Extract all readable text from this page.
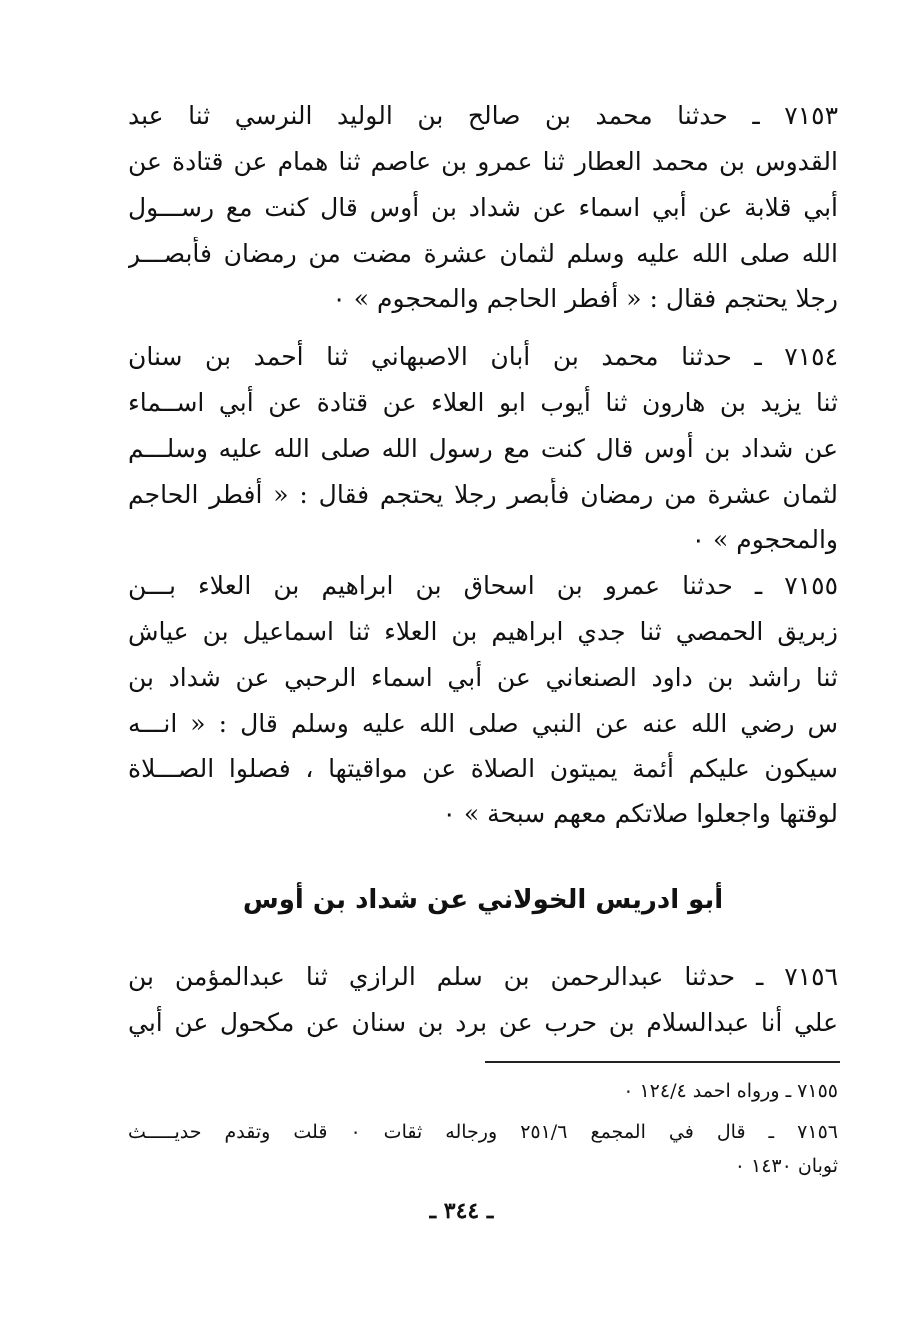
٧١٥٣ ـ حدثنا محمد بن صالح بن الوليد النرسي ثنا عبد
القدوس بن محمد العطار ثنا عمرو بن عاصم ثنا همام عن قتادة عن
أبي قلابة عن أبي اسماء عن شداد بن أوس قال كنت مع رســـول
الله صلى الله عليه وسلم لثمان عشرة مضت من رمضان فأبصـــر
رجلا يحتجم فقال : « أفطر الحاجم والمحجوم » ٠
٧١٥٤ ـ حدثنا محمد بن أبان الاصبهاني ثنا أحمد بن سنان
ثنا يزيد بن هارون ثنا أيوب ابو العلاء عن قتادة عن أبي اســماء
عن شداد بن أوس قال كنت مع رسول الله صلى الله عليه وسلـــم
لثمان عشرة من رمضان فأبصر رجلا يحتجم فقال : « أفطر الحاجم
والمحجوم » ٠
٧١٥٥ ـ حدثنا عمرو بن اسحاق بن ابراهيم بن العلاء بـــن
زبريق الحمصي ثنا جدي ابراهيم بن العلاء ثنا اسماعيل بن عياش
ثنا راشد بن داود الصنعاني عن أبي اسماء الرحبي عن شداد بن
س رضي الله عنه عن النبي صلى الله عليه وسلم قال : « انـــه
سيكون عليكم أئمة يميتون الصلاة عن مواقيتها ، فصلوا الصـــلاة
لوقتها واجعلوا صلاتكم معهم سبحة » ٠
أبو ادريس الخولاني عن شداد بن أوس
٧١٥٦ ـ حدثنا عبدالرحمن بن سلم الرازي ثنا عبدالمؤمن بن
علي أنا عبدالسلام بن حرب عن برد بن سنان عن مكحول عن أبي
٧١٥٥ ـ ورواه احمد ١٢٤/٤ ٠
٧١٥٦ ـ قال في المجمع ٢٥١/٦ ورجاله ثقات ٠ قلت وتقدم حديـــــث
ثوبان ١٤٣٠ ٠
ـ ٣٤٤ ـ
